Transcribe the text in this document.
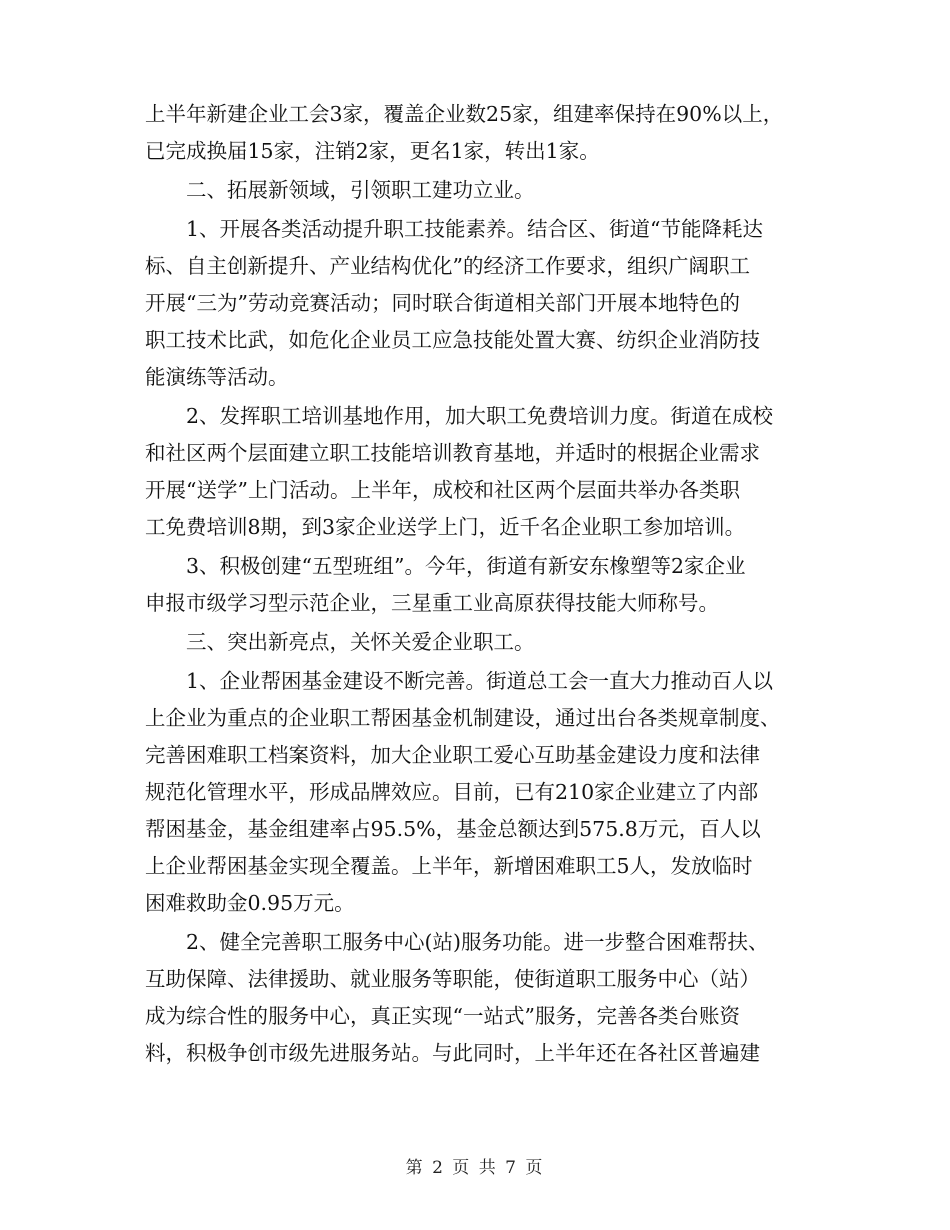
上半年新建企业工会3家，覆盖企业数25家，组建率保持在90%以上，
已完成换届15家，注销2家，更名1家，转出1家。
二、拓展新领域，引领职工建功立业。
1、开展各类活动提升职工技能素养。结合区、街道“节能降耗达
标、自主创新提升、产业结构优化”的经济工作要求，组织广阔职工
开展“三为”劳动竞赛活动；同时联合街道相关部门开展本地特色的
职工技术比武，如危化企业员工应急技能处置大赛、纺织企业消防技
能演练等活动。
2、发挥职工培训基地作用，加大职工免费培训力度。街道在成校
和社区两个层面建立职工技能培训教育基地，并适时的根据企业需求
开展“送学”上门活动。上半年，成校和社区两个层面共举办各类职
工免费培训8期，到3家企业送学上门，近千名企业职工参加培训。
3、积极创建“五型班组”。今年，街道有新安东橡塑等2家企业
申报市级学习型示范企业，三星重工业高原获得技能大师称号。
三、突出新亮点，关怀关爱企业职工。
1、企业帮困基金建设不断完善。街道总工会一直大力推动百人以
上企业为重点的企业职工帮困基金机制建设，通过出台各类规章制度、
完善困难职工档案资料，加大企业职工爱心互助基金建设力度和法律
规范化管理水平，形成品牌效应。目前，已有210家企业建立了内部
帮困基金，基金组建率占95.5%，基金总额达到575.8万元，百人以
上企业帮困基金实现全覆盖。上半年，新增困难职工5人，发放临时
困难救助金0.95万元。
2、健全完善职工服务中心(站)服务功能。进一步整合困难帮扶、
互助保障、法律援助、就业服务等职能，使街道职工服务中心（站）
成为综合性的服务中心，真正实现“一站式”服务，完善各类台账资
料，积极争创市级先进服务站。与此同时，上半年还在各社区普遍建
第 2 页 共 7 页
